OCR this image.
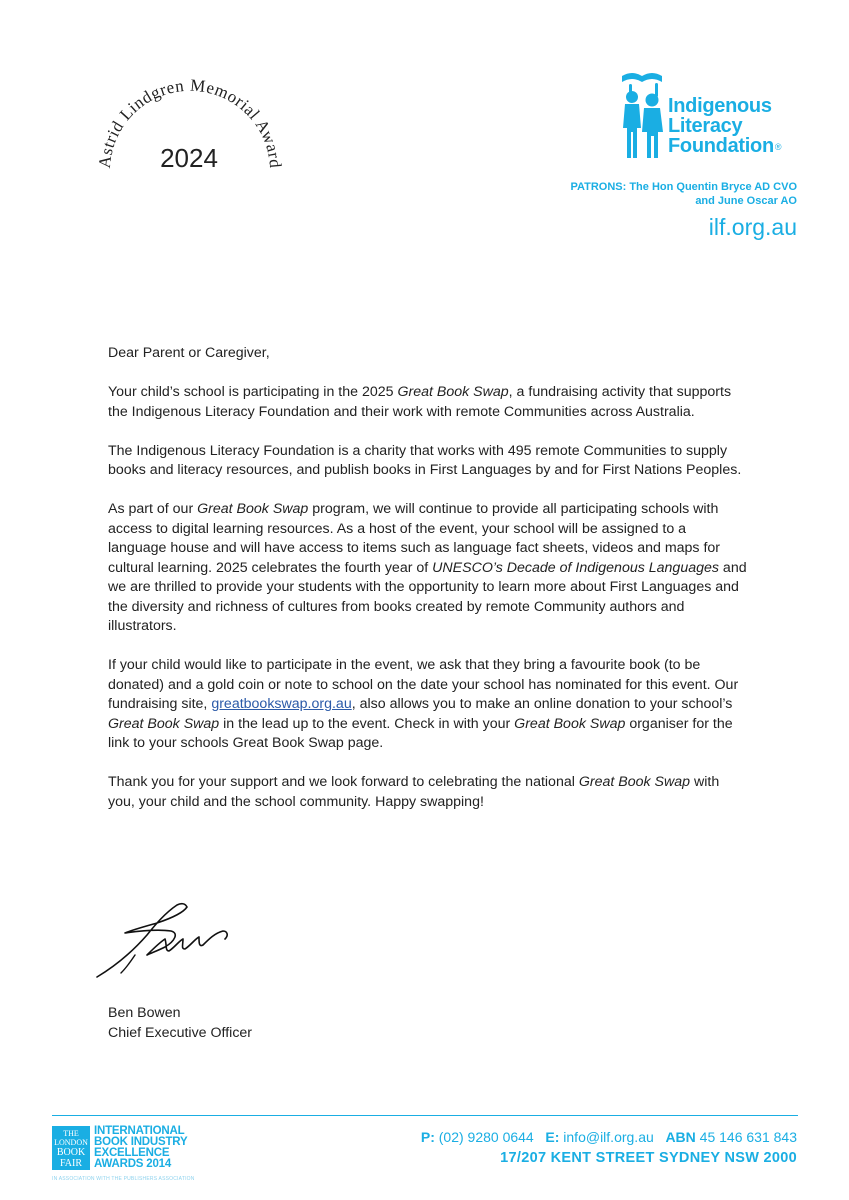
Astrid Lindgren Memorial Award
2024
Indigenous
Literacy
Foundation®
PATRONS: The Hon Quentin Bryce AD CVO
and June Oscar AO
ilf.org.au

Dear Parent or Caregiver,

Your child’s school is participating in the 2025 Great Book Swap, a fundraising activity that supports the Indigenous Literacy Foundation and their work with remote Communities across Australia.

The Indigenous Literacy Foundation is a charity that works with 495 remote Communities to supply books and literacy resources, and publish books in First Languages by and for First Nations Peoples.

As part of our Great Book Swap program, we will continue to provide all participating schools with access to digital learning resources. As a host of the event, your school will be assigned to a language house and will have access to items such as language fact sheets, videos and maps for cultural learning. 2025 celebrates the fourth year of UNESCO’s Decade of Indigenous Languages and we are thrilled to provide your students with the opportunity to learn more about First Languages and the diversity and richness of cultures from books created by remote Community authors and illustrators.

If your child would like to participate in the event, we ask that they bring a favourite book (to be donated) and a gold coin or note to school on the date your school has nominated for this event. Our fundraising site, greatbookswap.org.au, also allows you to make an online donation to your school’s Great Book Swap in the lead up to the event. Check in with your Great Book Swap organiser for the link to your schools Great Book Swap page.

Thank you for your support and we look forward to celebrating the national Great Book Swap with you, your child and the school community. Happy swapping!

Ben Bowen
Chief Executive Officer
THE
LONDON
BOOK
FAIR
INTERNATIONAL
BOOK INDUSTRY
EXCELLENCE
AWARDS 2014
IN ASSOCIATION WITH THE PUBLISHERS ASSOCIATION
P: (02) 9280 0644 E: info@ilf.org.au ABN 45 146 631 843
17/207 KENT STREET SYDNEY NSW 2000
